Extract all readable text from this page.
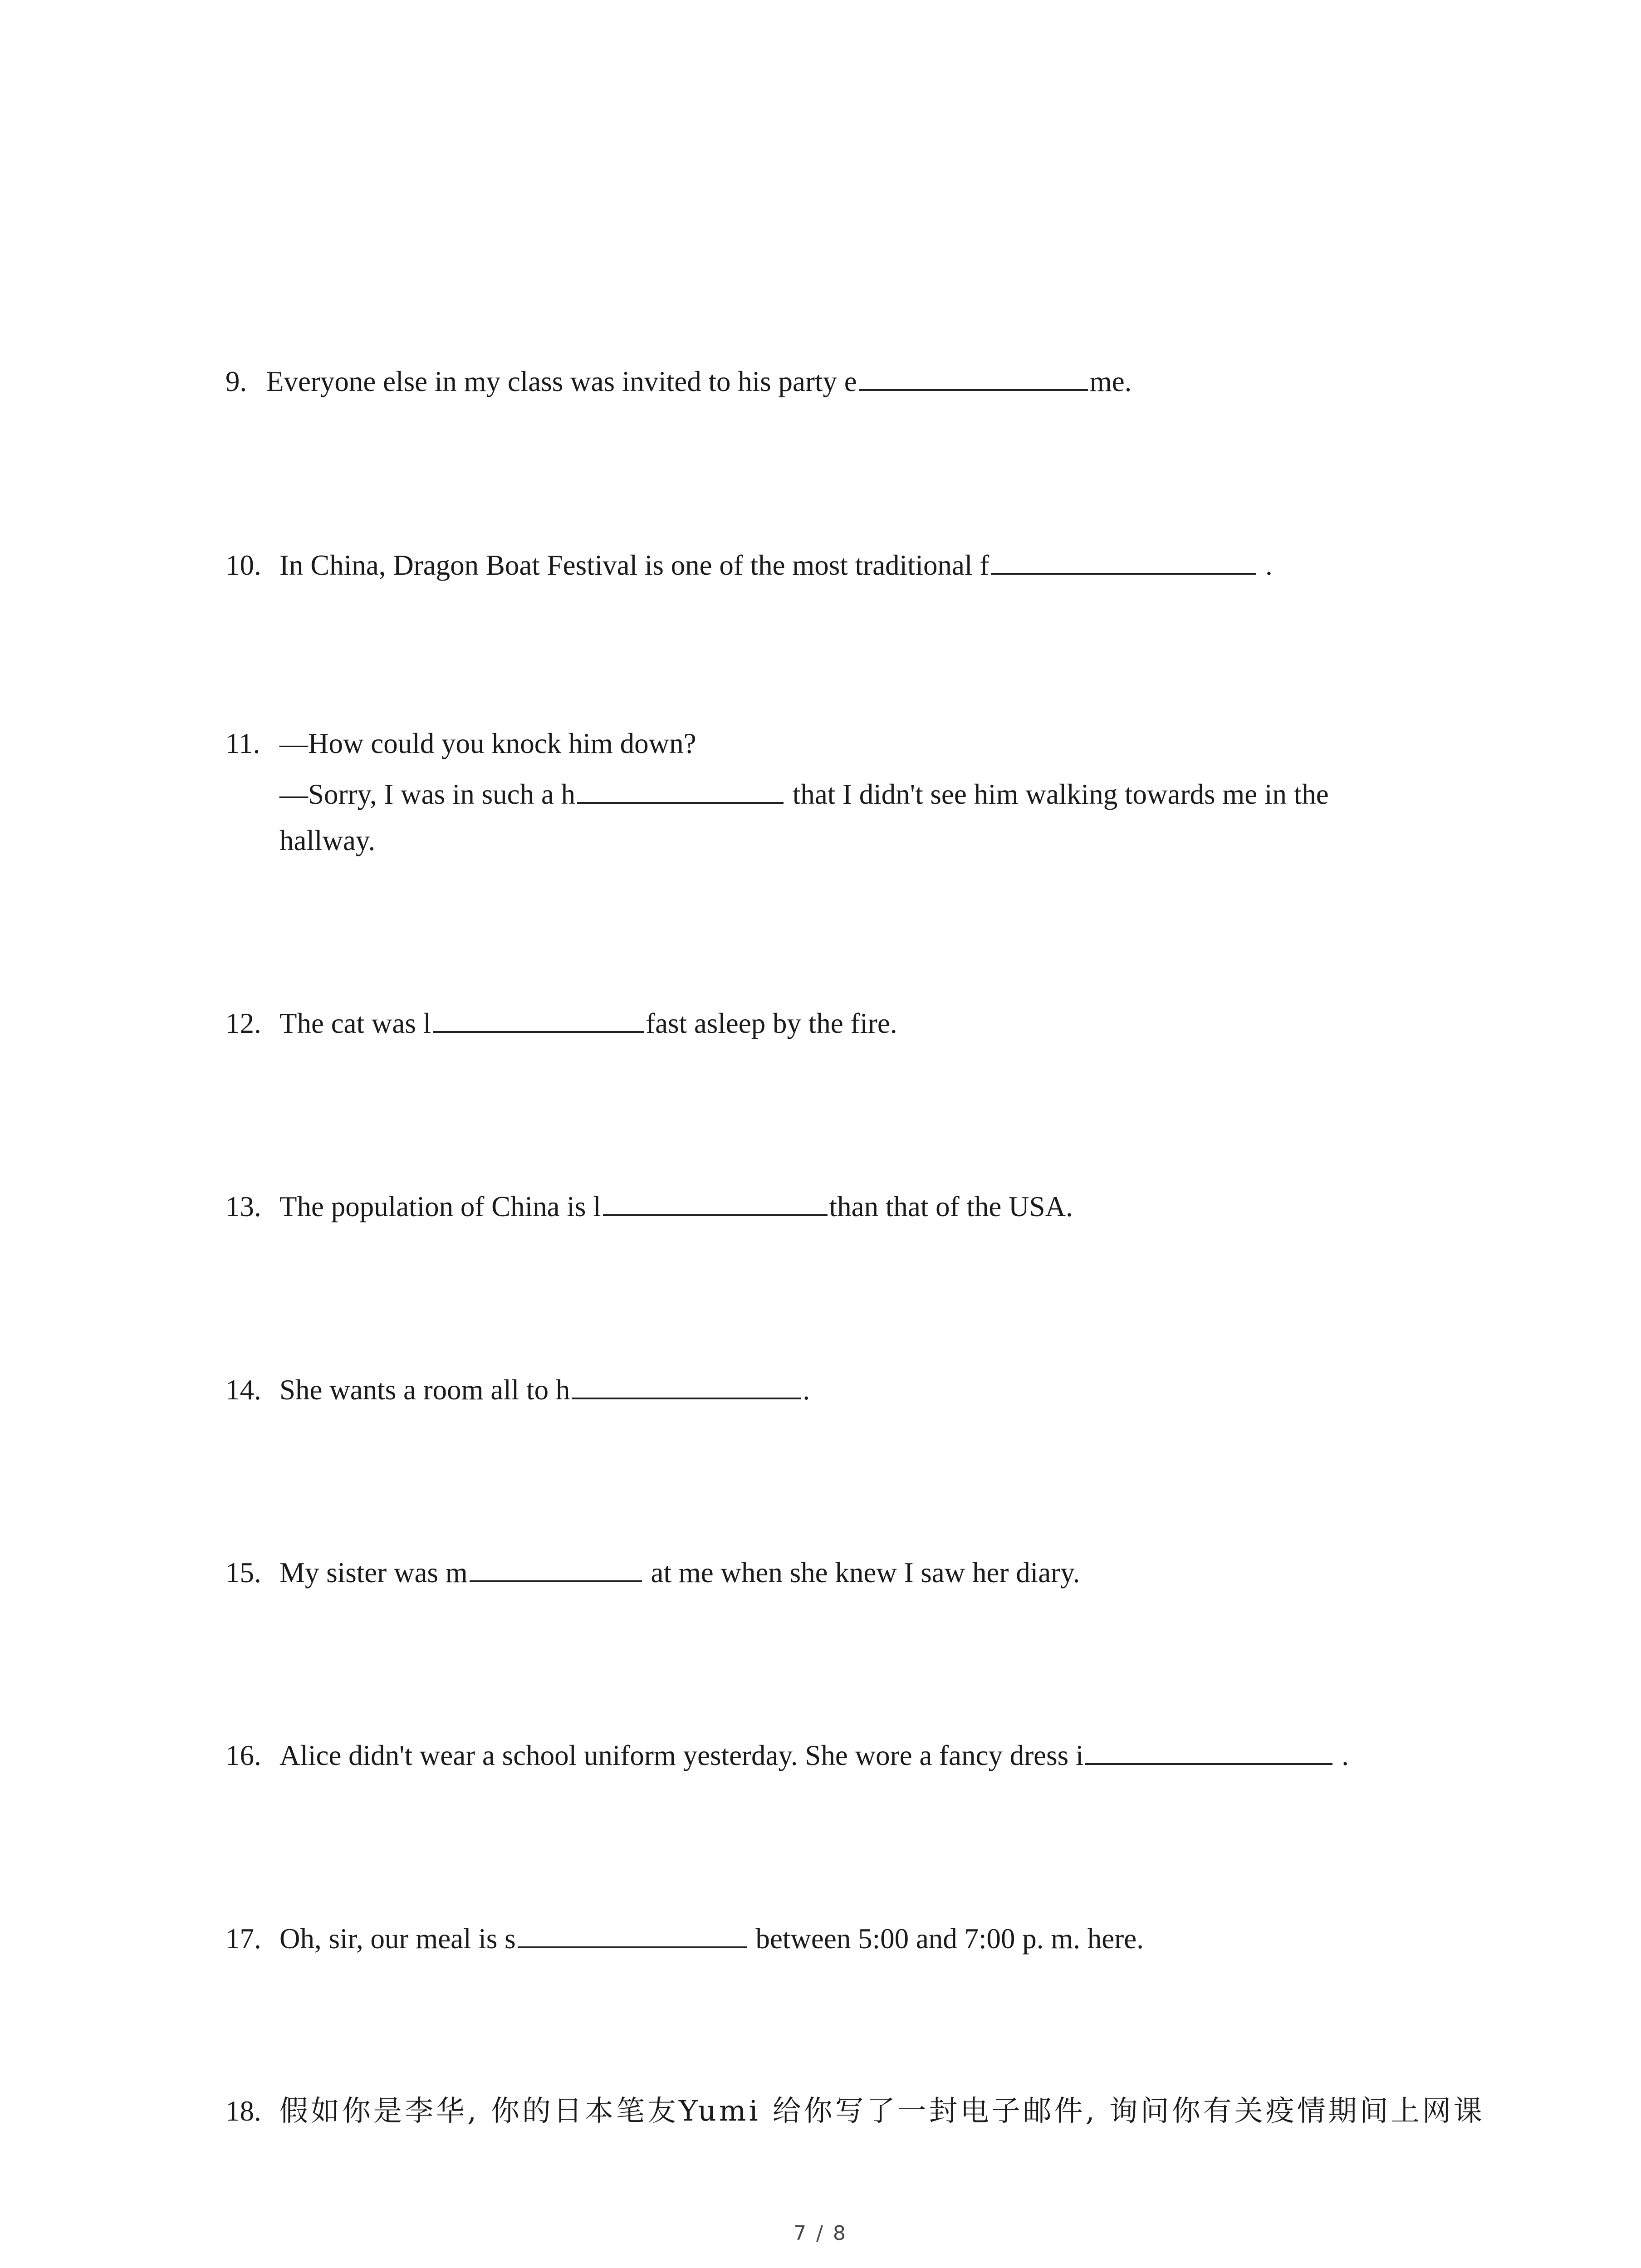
9. Everyone else in my class was invited to his party e	me.
10. In China, Dragon Boat Festival is one of the most traditional f	.
11. —How could you knock him down?
—Sorry, I was in such a h	that I didn't see him walking towards me in the
hallway.
12. The cat was l	fast asleep by the fire.
13. The population of China is l	than that of the USA.
14. She wants a room all to h	.
15. My sister was m	at me when she knew I saw her diary.
16. Alice didn't wear a school uniform yesterday. She wore a fancy dress i	.
17. Oh, sir, our meal is s	between 5:00 and 7:00 p. m. here.
18. 假如你是李华, 你的日本笔友Yumi 给你写了一封电子邮件, 询问你有关疫情期间上网课
7 / 8
